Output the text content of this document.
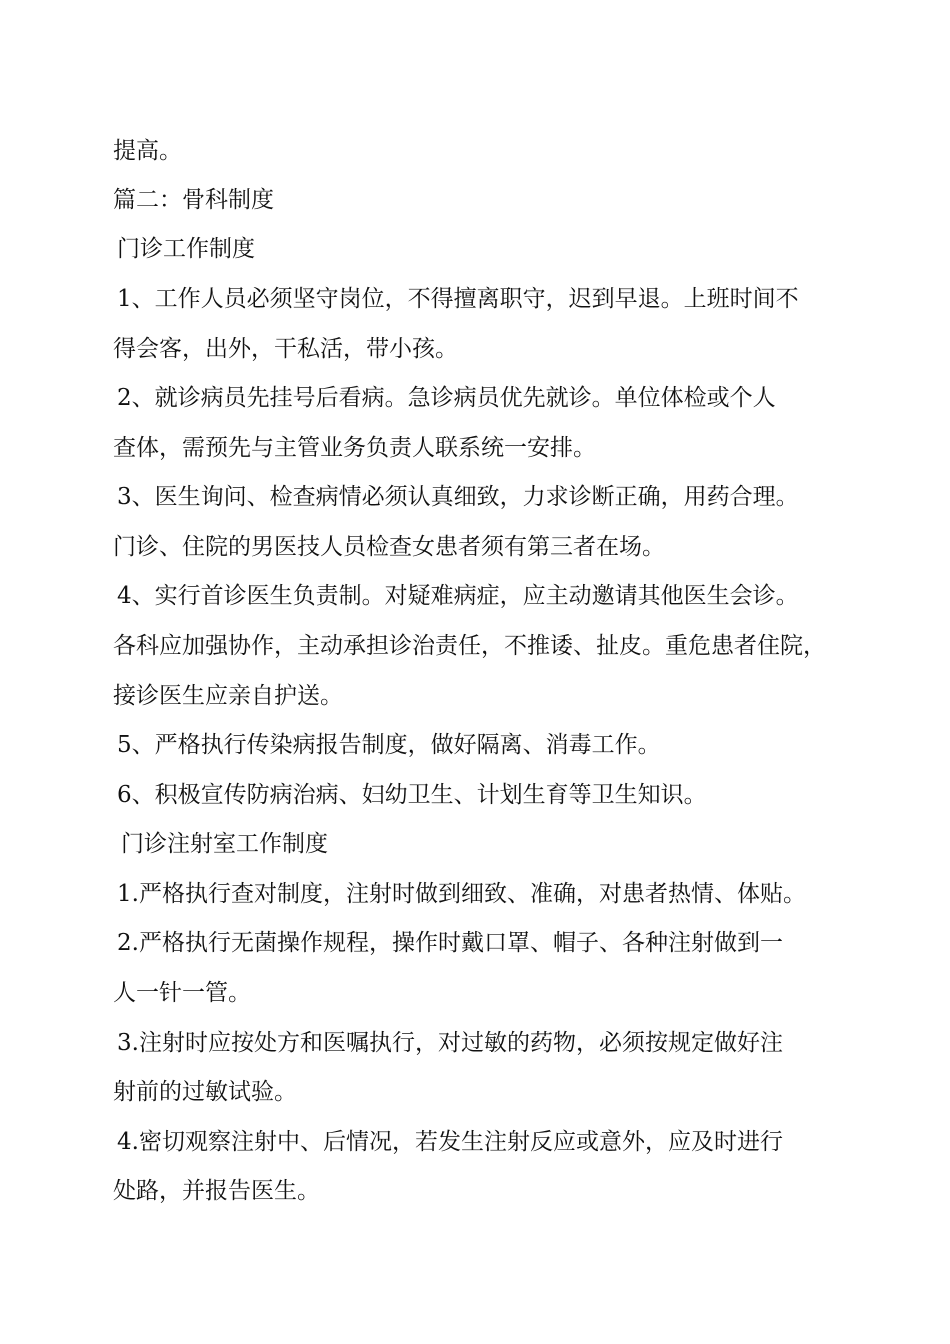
提高。
篇二：骨科制度
门诊工作制度
1、工作人员必须坚守岗位，不得擅离职守，迟到早退。上班时间不
得会客，出外，干私活，带小孩。
2、就诊病员先挂号后看病。急诊病员优先就诊。单位体检或个人
查体，需预先与主管业务负责人联系统一安排。
3、医生询问、检查病情必须认真细致，力求诊断正确，用药合理。
门诊、住院的男医技人员检查女患者须有第三者在场。
4、实行首诊医生负责制。对疑难病症，应主动邀请其他医生会诊。
各科应加强协作，主动承担诊治责任，不推诿、扯皮。重危患者住院，
接诊医生应亲自护送。
5、严格执行传染病报告制度，做好隔离、消毒工作。
6、积极宣传防病治病、妇幼卫生、计划生育等卫生知识。
门诊注射室工作制度
1.严格执行查对制度，注射时做到细致、准确，对患者热情、体贴。
2.严格执行无菌操作规程，操作时戴口罩、帽子、各种注射做到一
人一针一管。
3.注射时应按处方和医嘱执行，对过敏的药物，必须按规定做好注
射前的过敏试验。
4.密切观察注射中、后情况，若发生注射反应或意外，应及时进行
处路，并报告医生。
